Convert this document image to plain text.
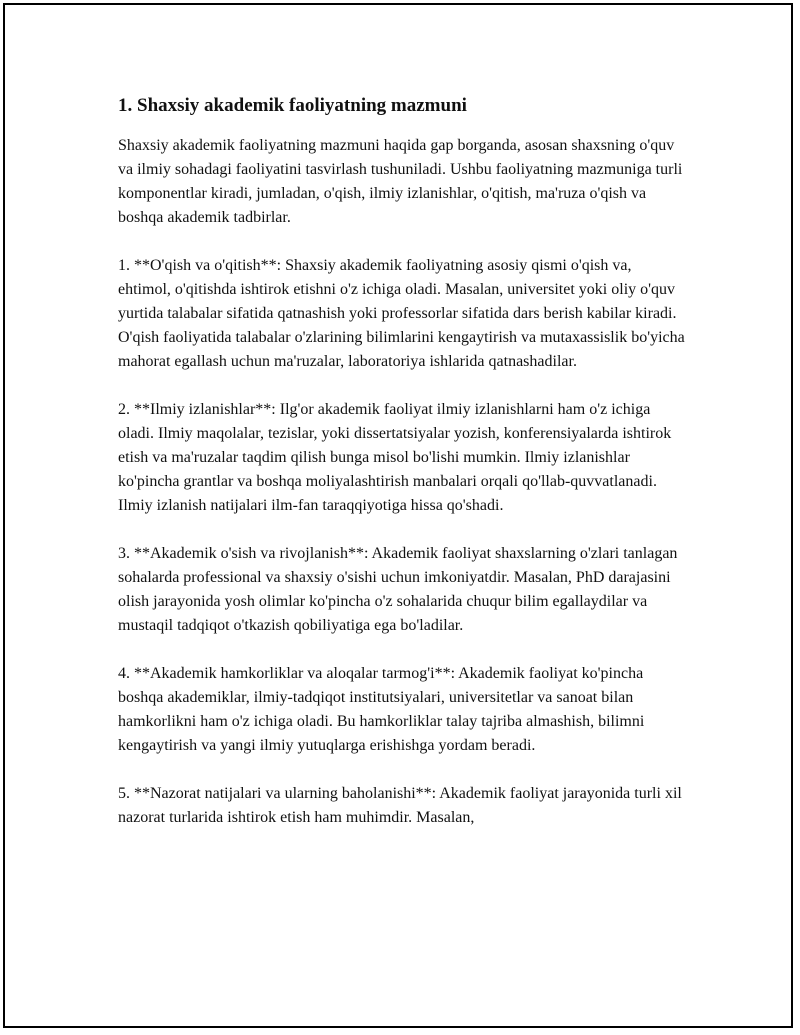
1. Shaxsiy akademik faoliyatning mazmuni

Shaxsiy akademik faoliyatning mazmuni haqida gap borganda, asosan shaxsning o'quv va ilmiy sohadagi faoliyatini tasvirlash tushuniladi. Ushbu faoliyatning mazmuniga turli komponentlar kiradi, jumladan, o'qish, ilmiy izlanishlar, o'qitish, ma'ruza o'qish va boshqa akademik tadbirlar.

1. **O'qish va o'qitish**: Shaxsiy akademik faoliyatning asosiy qismi o'qish va, ehtimol, o'qitishda ishtirok etishni o'z ichiga oladi. Masalan, universitet yoki oliy o'quv yurtida talabalar sifatida qatnashish yoki professorlar sifatida dars berish kabilar kiradi. O'qish faoliyatida talabalar o'zlarining bilimlarini kengaytirish va mutaxassislik bo'yicha mahorat egallash uchun ma'ruzalar, laboratoriya ishlarida qatnashadilar.

2. **Ilmiy izlanishlar**: Ilg'or akademik faoliyat ilmiy izlanishlarni ham o'z ichiga oladi. Ilmiy maqolalar, tezislar, yoki dissertatsiyalar yozish, konferensiyalarda ishtirok etish va ma'ruzalar taqdim qilish bunga misol bo'lishi mumkin. Ilmiy izlanishlar ko'pincha grantlar va boshqa moliyalashtirish manbalari orqali qo'llab-quvvatlanadi. Ilmiy izlanish natijalari ilm-fan taraqqiyotiga hissa qo'shadi.

3. **Akademik o'sish va rivojlanish**: Akademik faoliyat shaxslarning o'zlari tanlagan sohalarda professional va shaxsiy o'sishi uchun imkoniyatdir. Masalan, PhD darajasini olish jarayonida yosh olimlar ko'pincha o'z sohalarida chuqur bilim egallaydilar va mustaqil tadqiqot o'tkazish qobiliyatiga ega bo'ladilar.

4. **Akademik hamkorliklar va aloqalar tarmog'i**: Akademik faoliyat ko'pincha boshqa akademiklar, ilmiy-tadqiqot institutsiyalari, universitetlar va sanoat bilan hamkorlikni ham o'z ichiga oladi. Bu hamkorliklar talay tajriba almashish, bilimni kengaytirish va yangi ilmiy yutuqlarga erishishga yordam beradi.

5. **Nazorat natijalari va ularning baholanishi**: Akademik faoliyat jarayonida turli xil nazorat turlarida ishtirok etish ham muhimdir. Masalan,
